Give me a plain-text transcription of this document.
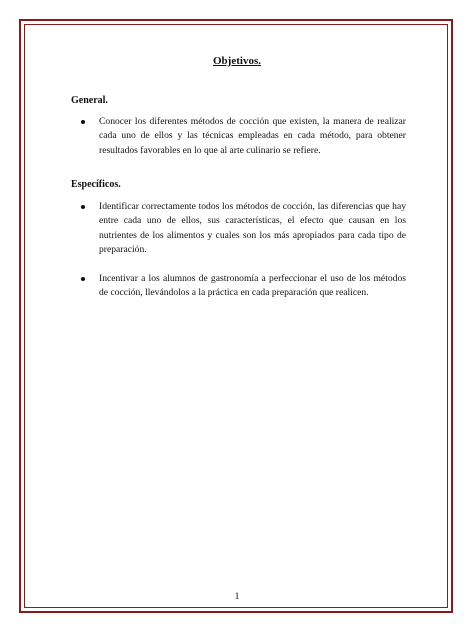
Objetivos.
General.
Conocer los diferentes métodos de cocción que existen, la manera de realizar cada uno de ellos y las técnicas empleadas en cada método, para obtener resultados favorables en lo que al arte culinario se refiere.
Específicos.
Identificar correctamente todos los métodos de cocción, las diferencias que hay entre cada uno de ellos, sus características, el efecto que causan en los nutrientes de los alimentos y cuales son los más apropiados para cada tipo de preparación.
Incentivar a los alumnos de gastronomía a perfeccionar el uso de los métodos de cocción, llevándolos a la práctica en cada preparación que realicen.
1
